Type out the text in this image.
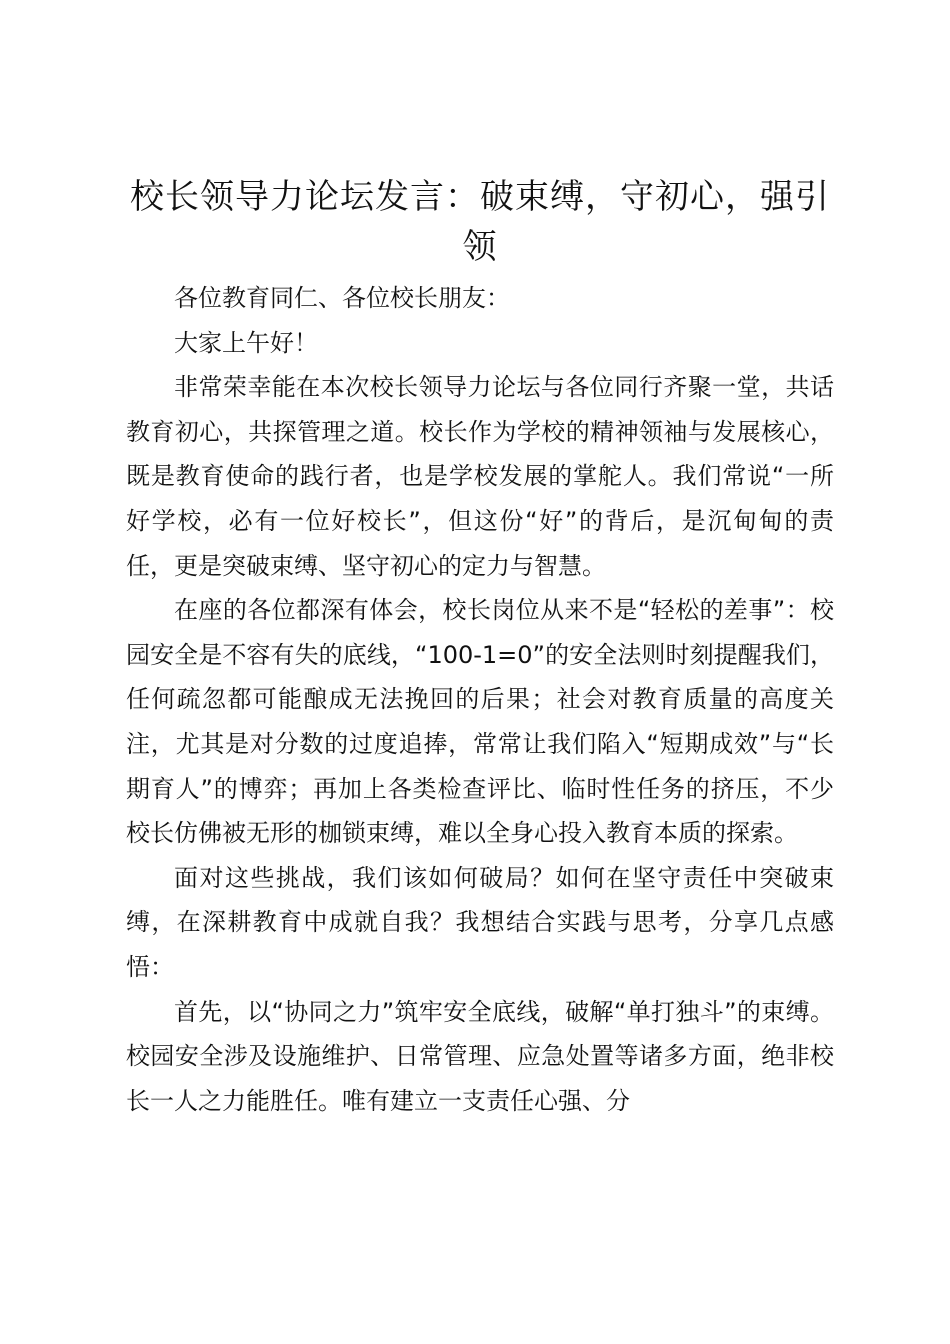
校长领导力论坛发言：破束缚，守初心，强引领

各位教育同仁、各位校长朋友：

大家上午好！

非常荣幸能在本次校长领导力论坛与各位同行齐聚一堂，共话教育初心，共探管理之道。校长作为学校的精神领袖与发展核心，既是教育使命的践行者，也是学校发展的掌舵人。我们常说“一所好学校，必有一位好校长”，但这份“好”的背后，是沉甸甸的责任，更是突破束缚、坚守初心的定力与智慧。

在座的各位都深有体会，校长岗位从来不是“轻松的差事”：校园安全是不容有失的底线，“100-1=0”的安全法则时刻提醒我们，任何疏忽都可能酿成无法挽回的后果；社会对教育质量的高度关注，尤其是对分数的过度追捧，常常让我们陷入“短期成效”与“长期育人”的博弈；再加上各类检查评比、临时性任务的挤压，不少校长仿佛被无形的枷锁束缚，难以全身心投入教育本质的探索。

面对这些挑战，我们该如何破局？如何在坚守责任中突破束缚，在深耕教育中成就自我？我想结合实践与思考，分享几点感悟：

首先，以“协同之力”筑牢安全底线，破解“单打独斗”的束缚。校园安全涉及设施维护、日常管理、应急处置等诸多方面，绝非校长一人之力能胜任。唯有建立一支责任心强、分
